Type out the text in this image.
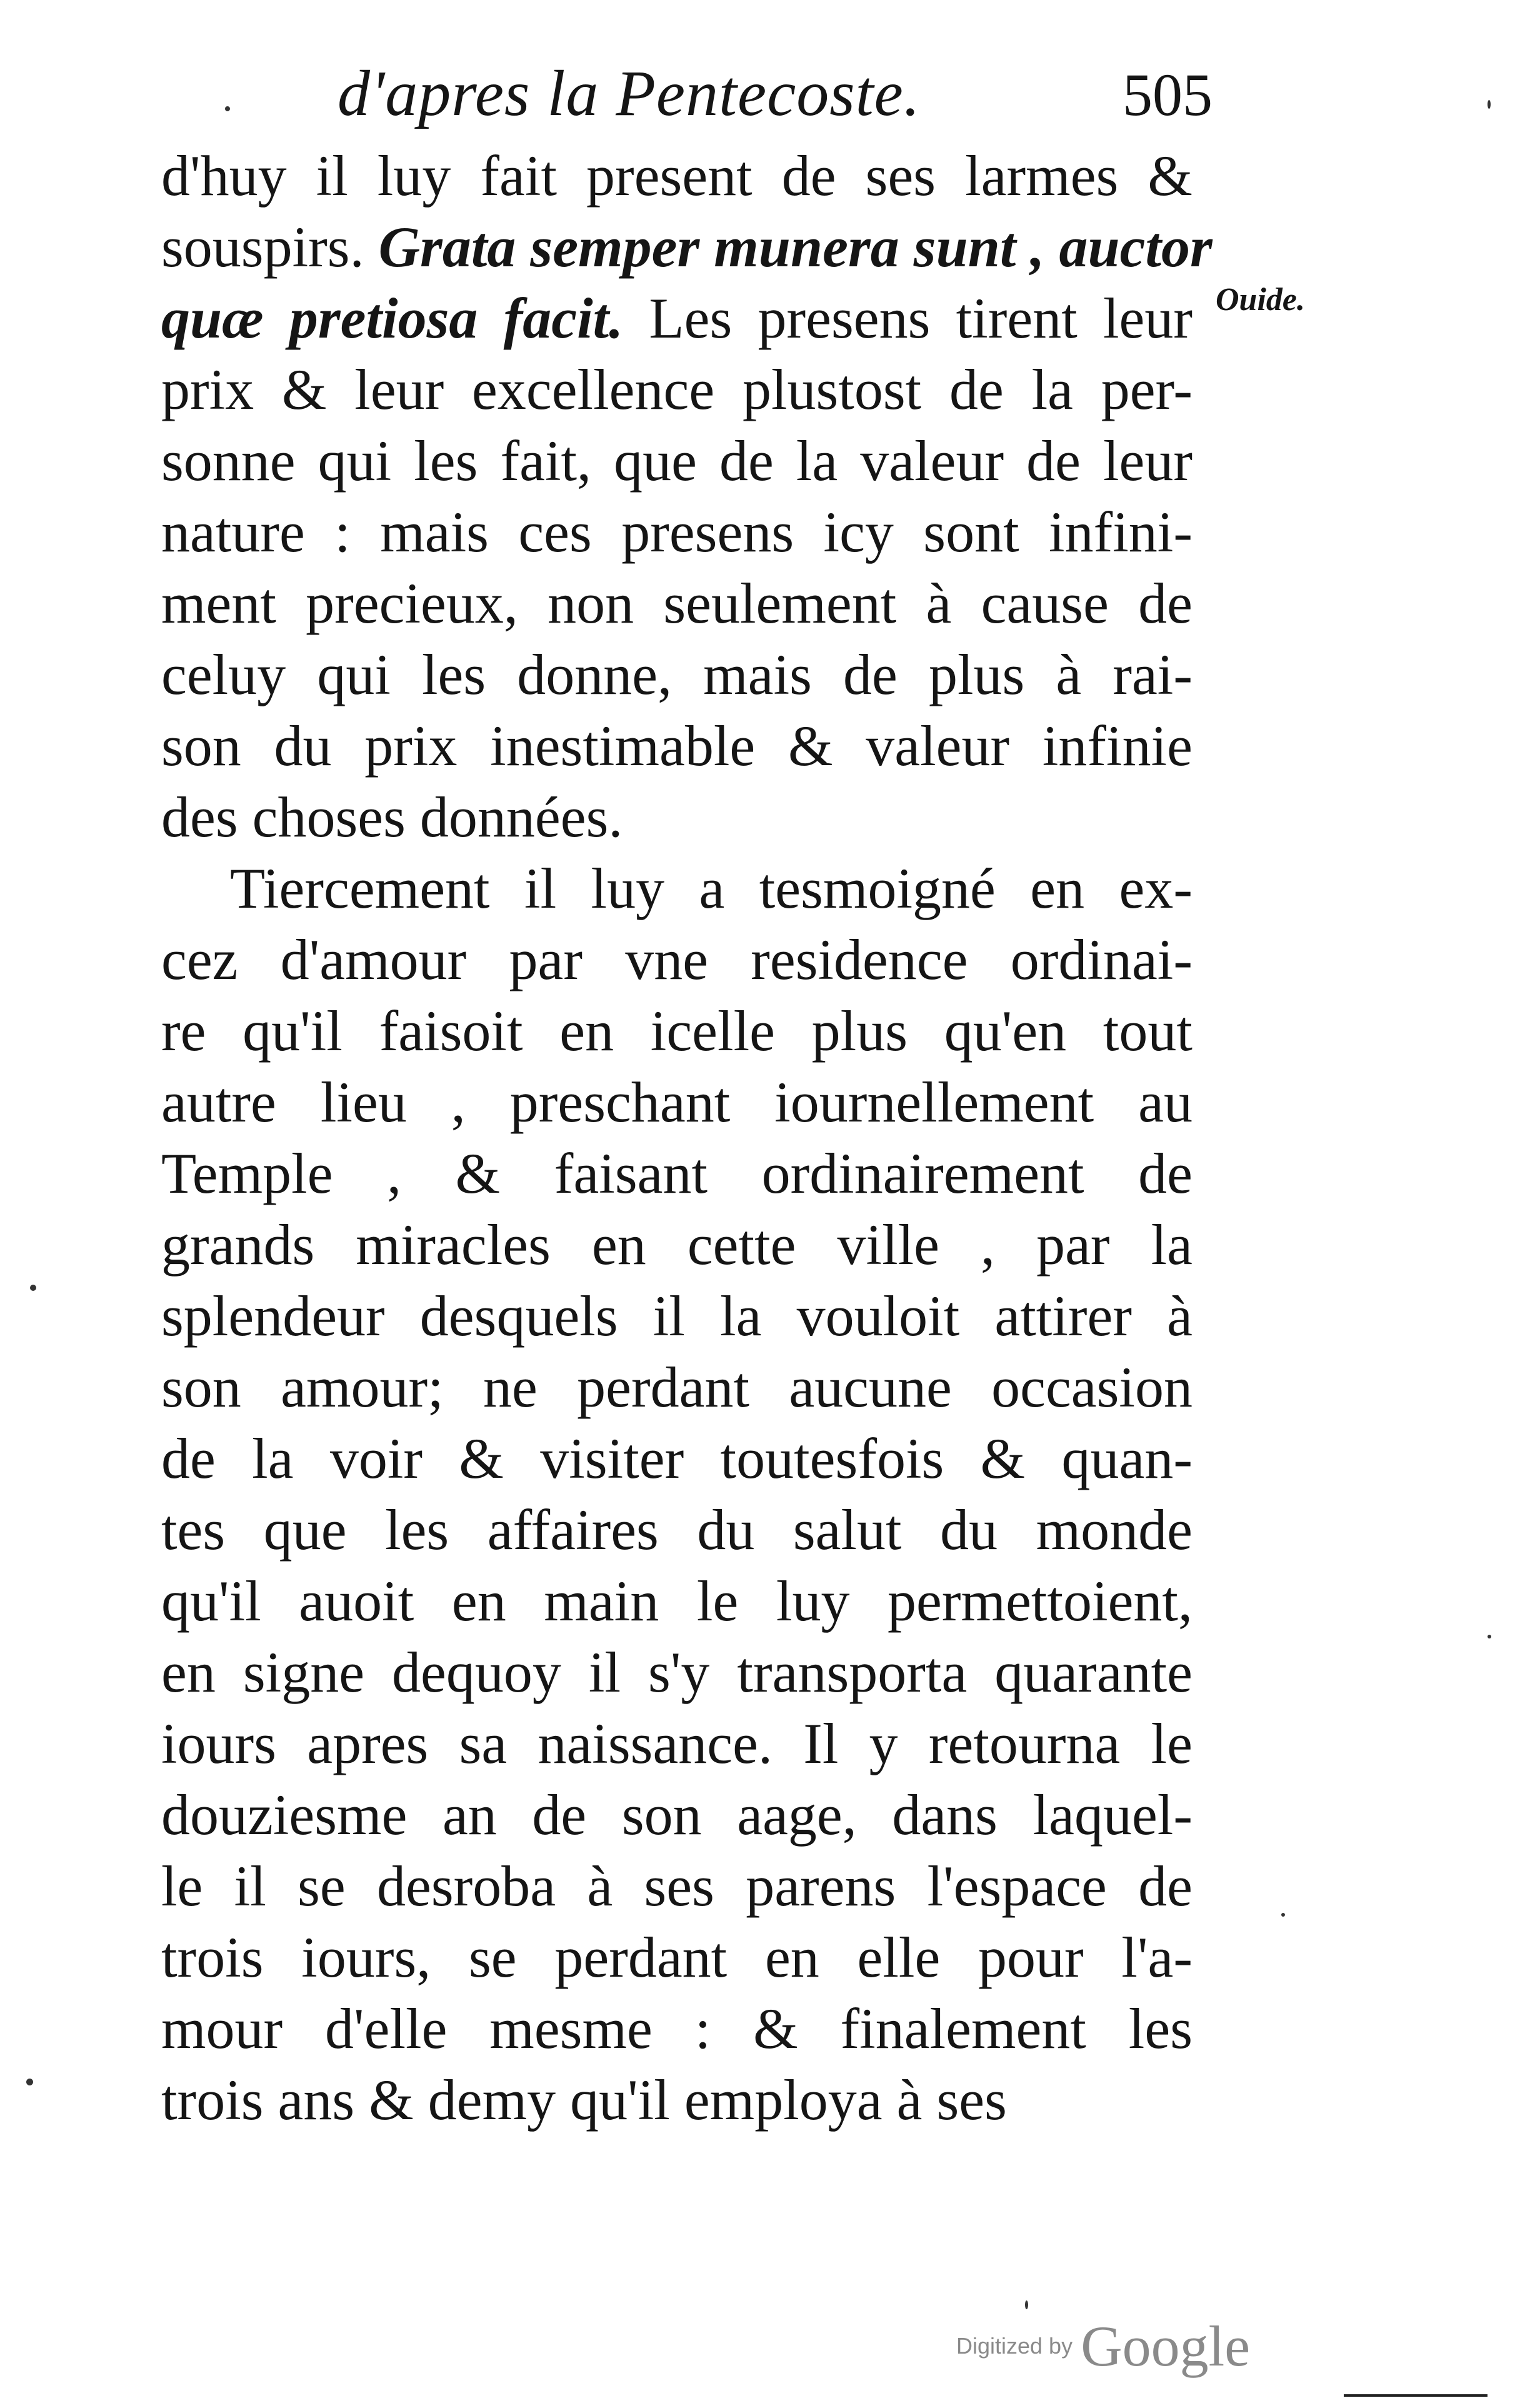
d'apres la Pentecoste.	505
Ouide.
d'huy il luy fait present de ses larmes &
souspirs. Grata semper munera sunt , auctor
quæ pretiosa facit. Les presens tirent leur
prix & leur excellence plustost de la per-
sonne qui les fait, que de la valeur de leur
nature : mais ces presens icy sont infini-
ment precieux, non seulement à cause de
celuy qui les donne, mais de plus à rai-
son du prix inestimable & valeur infinie
des choses données.
Tiercement il luy a tesmoigné en ex-
cez d'amour par vne residence ordinai-
re qu'il faisoit en icelle plus qu'en tout
autre lieu , preschant iournellement au
Temple , & faisant ordinairement de
grands miracles en cette ville , par la
splendeur desquels il la vouloit attirer à
son amour; ne perdant aucune occasion
de la voir & visiter toutesfois & quan-
tes que les affaires du salut du monde
qu'il auoit en main le luy permettoient,
en signe dequoy il s'y transporta quarante
iours apres sa naissance. Il y retourna le
douziesme an de son aage, dans laquel-
le il se desroba à ses parens l'espace de
trois iours, se perdant en elle pour l'a-
mour d'elle mesme : & finalement les
trois ans & demy qu'il employa à ses
Digitized by Google
